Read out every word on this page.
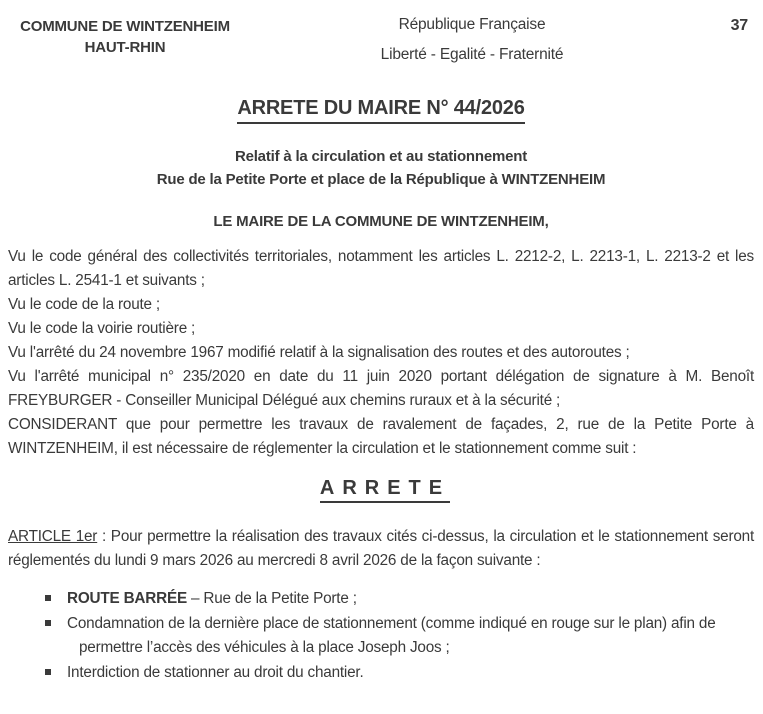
COMMUNE DE WINTZENHEIM
HAUT-RHIN
République Française
Liberté - Egalité - Fraternité
37
ARRETE DU MAIRE N° 44/2026
Relatif à la circulation et au stationnement
Rue de la Petite Porte et place de la République à WINTZENHEIM
LE MAIRE DE LA COMMUNE DE WINTZENHEIM,

Vu le code général des collectivités territoriales, notamment les articles L. 2212-2, L. 2213-1, L. 2213-2 et les articles L. 2541-1 et suivants ;

Vu le code de la route ;

Vu le code la voirie routière ;

Vu l'arrêté du 24 novembre 1967 modifié relatif à la signalisation des routes et des autoroutes ;

Vu l'arrêté municipal n° 235/2020 en date du 11 juin 2020 portant délégation de signature à M. Benoît FREYBURGER - Conseiller Municipal Délégué aux chemins ruraux et à la sécurité ;

CONSIDERANT que pour permettre les travaux de ravalement de façades, 2, rue de la Petite Porte à WINTZENHEIM, il est nécessaire de réglementer la circulation et le stationnement comme suit :

ARRETE

ARTICLE 1er : Pour permettre la réalisation des travaux cités ci-dessus, la circulation et le stationnement seront réglementés du lundi 9 mars 2026 au mercredi 8 avril 2026 de la façon suivante :

ROUTE BARRÉE – Rue de la Petite Porte ;
Condamnation de la dernière place de stationnement (comme indiqué en rouge sur le plan) afin de permettre l’accès des véhicules à la place Joseph Joos ;
Interdiction de stationner au droit du chantier.
